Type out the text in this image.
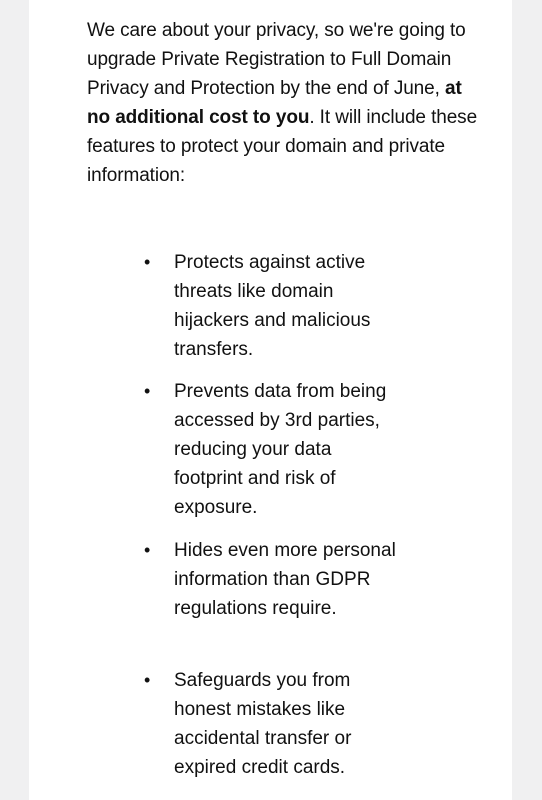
We care about your privacy, so we're going to upgrade Private Registration to Full Domain Privacy and Protection by the end of June, at no additional cost to you. It will include these features to protect your domain and private information:

• Protects against active threats like domain hijackers and malicious transfers.
• Prevents data from being accessed by 3rd parties, reducing your data footprint and risk of exposure.
• Hides even more personal information than GDPR regulations require.
• Safeguards you from honest mistakes like accidental transfer or expired credit cards.
